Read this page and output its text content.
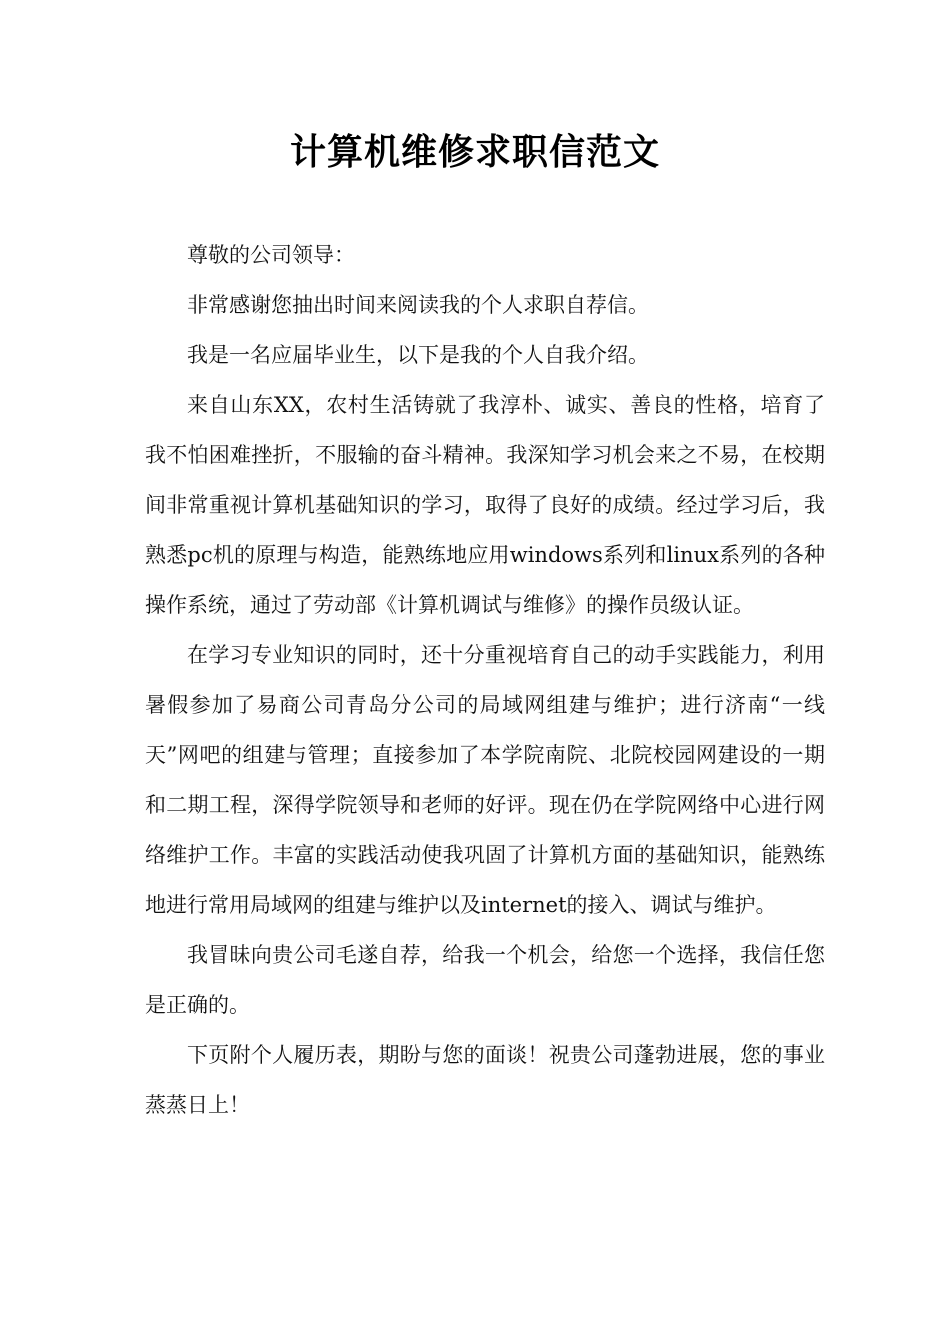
计算机维修求职信范文

尊敬的公司领导：

非常感谢您抽出时间来阅读我的个人求职自荐信。

我是一名应届毕业生，以下是我的个人自我介绍。

来自山东XX，农村生活铸就了我淳朴、诚实、善良的性格，培育了我不怕困难挫折，不服输的奋斗精神。我深知学习机会来之不易，在校期间非常重视计算机基础知识的学习，取得了良好的成绩。经过学习后，我熟悉pc机的原理与构造，能熟练地应用windows系列和linux系列的各种操作系统，通过了劳动部《计算机调试与维修》的操作员级认证。

在学习专业知识的同时，还十分重视培育自己的动手实践能力，利用暑假参加了易商公司青岛分公司的局域网组建与维护；进行济南“一线天”网吧的组建与管理；直接参加了本学院南院、北院校园网建设的一期和二期工程，深得学院领导和老师的好评。现在仍在学院网络中心进行网络维护工作。丰富的实践活动使我巩固了计算机方面的基础知识，能熟练地进行常用局域网的组建与维护以及internet的接入、调试与维护。

我冒昧向贵公司毛遂自荐，给我一个机会，给您一个选择，我信任您是正确的。

下页附个人履历表，期盼与您的面谈！祝贵公司蓬勃进展，您的事业蒸蒸日上！
